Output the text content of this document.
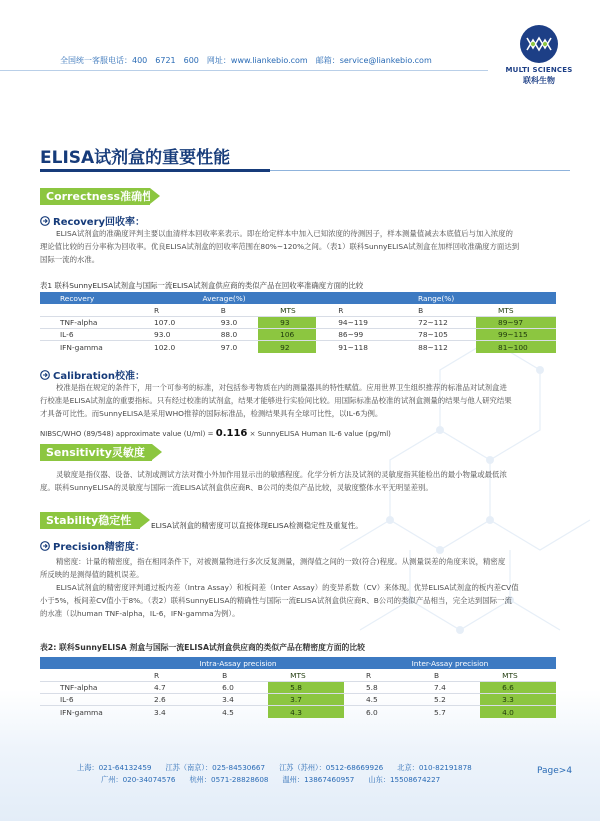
全国统一客服电话：400　6721　600　网址：www.liankebio.com　邮箱：service@liankebio.com
MULTI SCIENCES
联科生物
ELISA试剂盒的重要性能
Correctness准确性
Recovery回收率：
ELISA试剂盒的准确度评判主要以血清样本回收率来表示。即在给定样本中加入已知浓度的待测因子，样本测量值减去本底值后与加入浓度的
理论值比较的百分率称为回收率。优良ELISA试剂盒的回收率范围在80%~120%之间。（表1）联科SunnyELISA试剂盒在加样回收准确度方面达到
国际一流的水准。
表1 联科SunnyELISA试剂盒与国际一流ELISA试剂盒供应商的类似产品在回收率准确度方面的比较
Recovery	Average(%)			Range(%)		
	R	B	MTS	R	B	MTS
TNF-alpha	107.0	93.0	93	94~119	72~112	89~97
IL-6	93.0	88.0	106	86~99	78~105	99~115
IFN-gamma	102.0	97.0	92	91~118	88~112	81~100
Calibration校准：
校准是指在规定的条件下，用一个可参考的标准，对包括参考物质在内的测量器具的特性赋值。应用世界卫生组织推荐的标准品对试剂盒进
行校准是ELISA试剂盒的重要指标。只有经过校准的试剂盒，结果才能够进行实验间比较。用国际标准品校准的试剂盒测量的结果与他人研究结果
才具备可比性。而SunnyELISA是采用WHO推荐的国际标准品，检测结果具有全球可比性，以IL-6为例。
NIBSC/WHO (89/548) approximate value (U/ml) = 0.116 × SunnyELISA Human IL-6 value (pg/ml)
Sensitivity灵敏度
灵敏度是指仪器、设备、试剂或测试方法对微小外加作用显示出的敏感程度。化学分析方法及试剂的灵敏度指其能检出的最小物量或最低浓
度。联科SunnyELISA的灵敏度与国际一流ELISA试剂盒供应商R、B公司的类似产品比较，灵敏度整体水平无明显差别。
Stability稳定性	ELISA试剂盒的精密度可以直接体现ELISA检测稳定性及重复性。
Precision精密度：
精密度：计量的精密度，指在相同条件下，对被测量物进行多次反复测量，测得值之间的一致(符合)程度。从测量误差的角度来说，精密度
所反映的是测得值的随机误差。
ELISA试剂盒的精密度评判通过板内差（Intra Assay）和板间差（Inter Assay）的变异系数（CV）来体现。优异ELISA试剂盒的板内差CV值
小于5%，板间差CV值小于8%。（表2）联科SunnyELISA的精确性与国际一流ELISA试剂盒供应商R、B公司的类似产品相当，完全达到国际一流
的水准（以human TNF-alpha，IL-6，IFN-gamma为例）。
表2: 联科SunnyELISA 剂盒与国际一流ELISA试剂盒供应商的类似产品在精密度方面的比较
	Intra-Assay precision			Inter-Assay precision		
	R	B	MTS	R	B	MTS
TNF-alpha	4.7	6.0	5.8	5.8	7.4	6.6
IL-6	2.6	3.4	3.7	4.5	5.2	3.3
IFN-gamma	3.4	4.5	4.3	6.0	5.7	4.0
上海：021-64132459 江苏（南京）：025-84530667 江苏（苏州）：0512-68669926 北京：010-82191878
广州：020-34074576 杭州：0571-28828608 温州：13867460957 山东：15508674227
Page>4
